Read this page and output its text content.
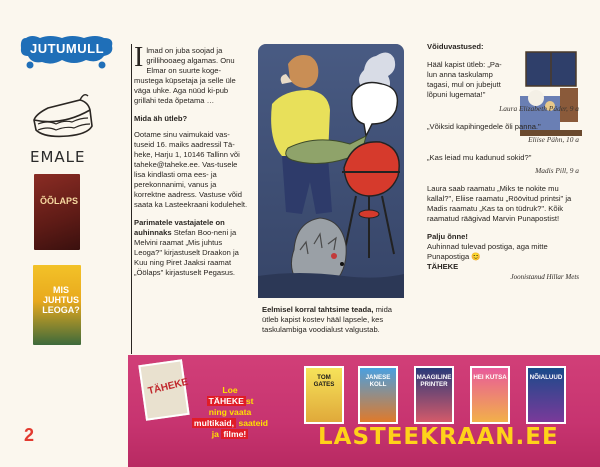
JUTUMULL
EMALE
ÕÕLAPS
MIS JUHTUS LEOGA?
2

Ilmad on juba soojad ja grillihooaeg algamas. Onu Elmar on suurte koge-mustega küpsetaja ja selle üle väga uhke. Aga nüüd ki-pub grillahi teda õpetama …

Mida äh ütleb?

Ootame sinu vaimukaid vas-tuseid 16. maiks aadressil Tä-heke, Harju 1, 10146 Tallinn või taheke@taheke.ee. Vas-tusele lisa kindlasti oma ees- ja perekonnanimi, vanus ja korrektne aadress. Vastuse võid saata ka Lasteekraani kodulehelt.

Parimatele vastajatele on auhinnaks Stefan Boo-neni ja Melvini raamat „Mis juhtus Leoga?" kirjastuselt Draakon ja Kuu ning Piret Jaaksi raamat „Öölaps" kirjastuselt Pegasus.

Eelmisel korral tahtsime teada, mida ütleb kapist kostev hääl lapsele, kes taskulambiga voodialust valgustab.

Võiduvastused:

Hääl kapist ütleb: „Pa-lun anna taskulamp tagasi, mul on jubejutt lõpuni lugemata!"

Laura Elizabeth Päder, 9 a

„Võiksid kapihingedele õli panna."

Eliise Pähn, 10 a

„Kas leiad mu kadunud sokid?"

Madis Pill, 9 a

Laura saab raamatu „Miks te nokite mu kallal?", Eliise raamatu „Röövitud printsi" ja Madis raamatu „Kas ta on tüdruk?". Kõik raamatud räägivad Marvin Punapostist!

Palju õnne!

Auhinnad tulevad postiga, aga mitte Punapostiga 😊

TÄHEKE

Joonistanud Hillar Mets

TÄHEKE	Loe
TÄHEKE st
ning vaata
multikaid, saateid
ja filme!
TOM GATES
JANESE KOLL
MAAGILINE PRINTER
HEI KUTSA	NÕIALUUD
LASTEEKRAAN.EE
